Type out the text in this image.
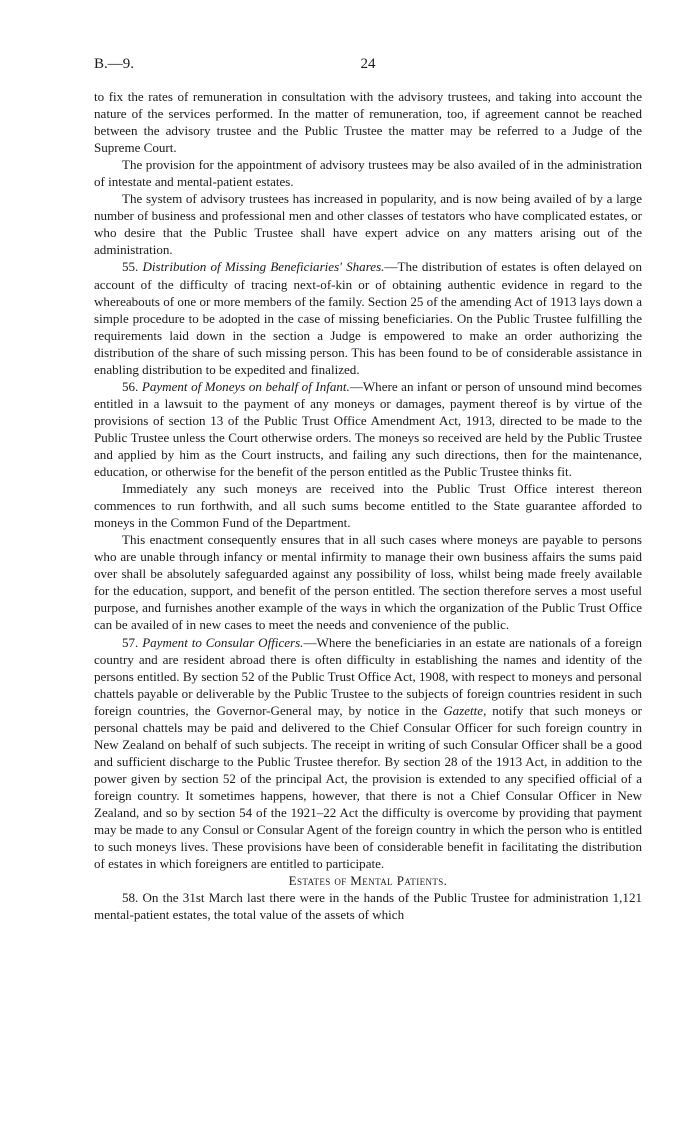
B.—9.	24

to fix the rates of remuneration in consultation with the advisory trustees, and taking into account the nature of the services performed. In the matter of remuneration, too, if agreement cannot be reached between the advisory trustee and the Public Trustee the matter may be referred to a Judge of the Supreme Court.

The provision for the appointment of advisory trustees may be also availed of in the administration of intestate and mental-patient estates.

The system of advisory trustees has increased in popularity, and is now being availed of by a large number of business and professional men and other classes of testators who have complicated estates, or who desire that the Public Trustee shall have expert advice on any matters arising out of the administration.

55. Distribution of Missing Beneficiaries' Shares.—The distribution of estates is often delayed on account of the difficulty of tracing next-of-kin or of obtaining authentic evidence in regard to the whereabouts of one or more members of the family. Section 25 of the amending Act of 1913 lays down a simple procedure to be adopted in the case of missing beneficiaries. On the Public Trustee fulfilling the requirements laid down in the section a Judge is empowered to make an order authorizing the distribution of the share of such missing person. This has been found to be of considerable assistance in enabling distribution to be expedited and finalized.

56. Payment of Moneys on behalf of Infant.—Where an infant or person of unsound mind becomes entitled in a lawsuit to the payment of any moneys or damages, payment thereof is by virtue of the provisions of section 13 of the Public Trust Office Amendment Act, 1913, directed to be made to the Public Trustee unless the Court otherwise orders. The moneys so received are held by the Public Trustee and applied by him as the Court instructs, and failing any such directions, then for the maintenance, education, or otherwise for the benefit of the person entitled as the Public Trustee thinks fit.

Immediately any such moneys are received into the Public Trust Office interest thereon commences to run forthwith, and all such sums become entitled to the State guarantee afforded to moneys in the Common Fund of the Department.

This enactment consequently ensures that in all such cases where moneys are payable to persons who are unable through infancy or mental infirmity to manage their own business affairs the sums paid over shall be absolutely safeguarded against any possibility of loss, whilst being made freely available for the education, support, and benefit of the person entitled. The section therefore serves a most useful purpose, and furnishes another example of the ways in which the organization of the Public Trust Office can be availed of in new cases to meet the needs and convenience of the public.

57. Payment to Consular Officers.—Where the beneficiaries in an estate are nationals of a foreign country and are resident abroad there is often difficulty in establishing the names and identity of the persons entitled. By section 52 of the Public Trust Office Act, 1908, with respect to moneys and personal chattels payable or deliverable by the Public Trustee to the subjects of foreign countries resident in such foreign countries, the Governor-General may, by notice in the Gazette, notify that such moneys or personal chattels may be paid and delivered to the Chief Consular Officer for such foreign country in New Zealand on behalf of such subjects. The receipt in writing of such Consular Officer shall be a good and sufficient discharge to the Public Trustee therefor. By section 28 of the 1913 Act, in addition to the power given by section 52 of the principal Act, the provision is extended to any specified official of a foreign country. It sometimes happens, however, that there is not a Chief Consular Officer in New Zealand, and so by section 54 of the 1921–22 Act the difficulty is overcome by providing that payment may be made to any Consul or Consular Agent of the foreign country in which the person who is entitled to such moneys lives. These provisions have been of considerable benefit in facilitating the distribution of estates in which foreigners are entitled to participate.

Estates of Mental Patients.

58. On the 31st March last there were in the hands of the Public Trustee for administration 1,121 mental-patient estates, the total value of the assets of which
